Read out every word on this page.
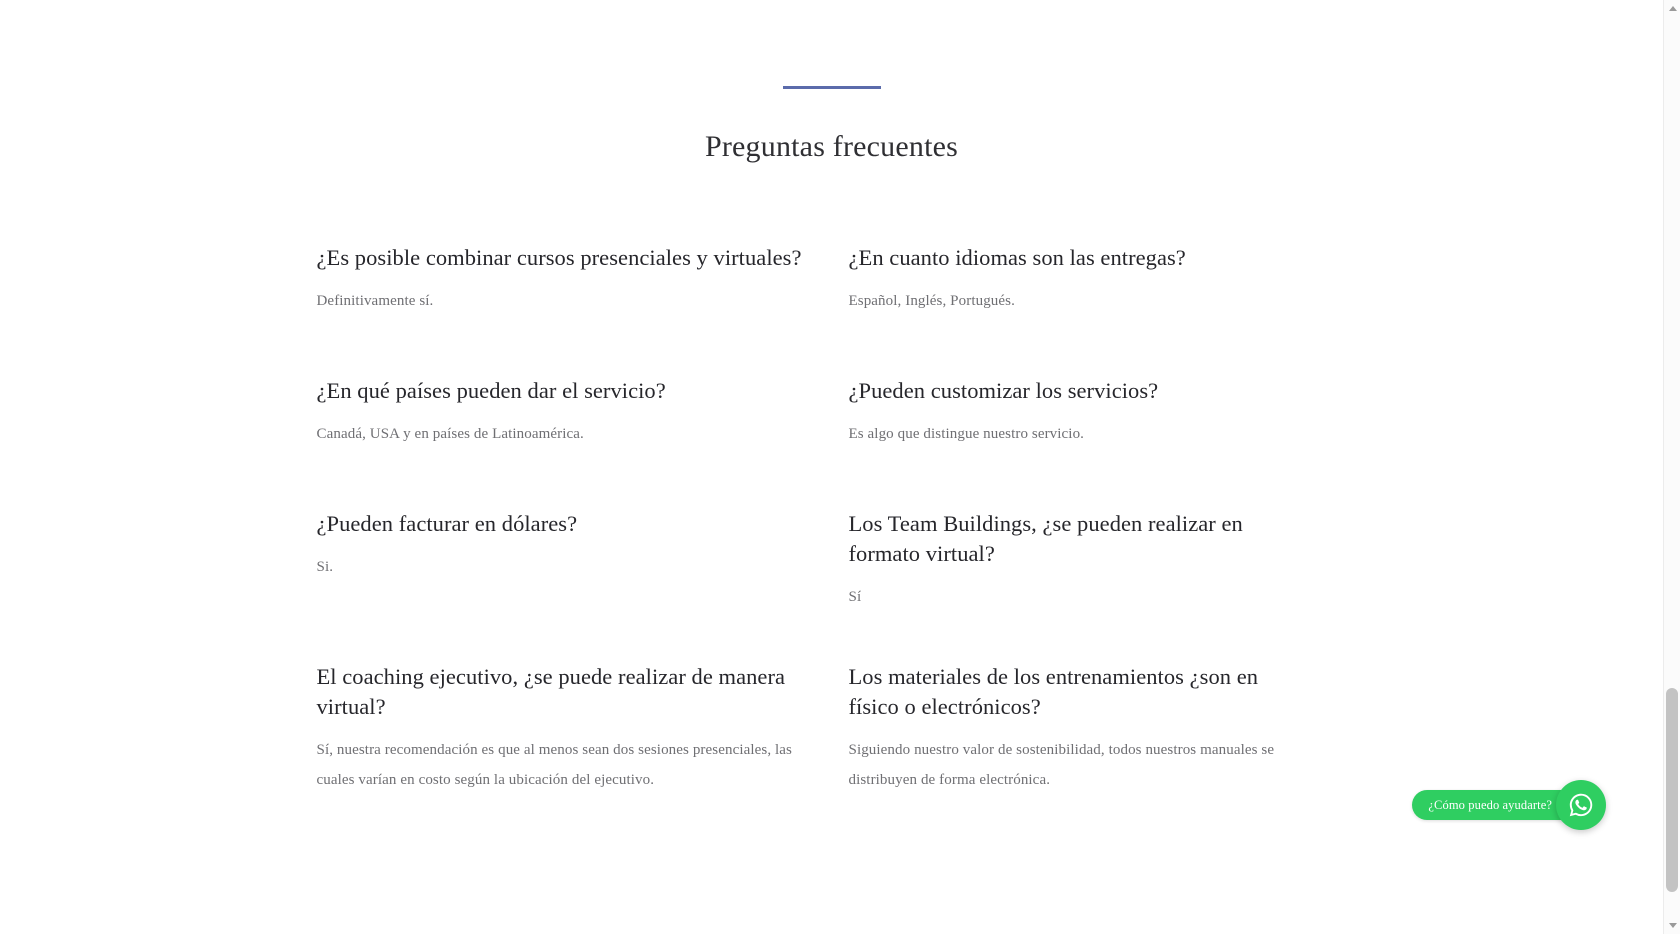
Preguntas frecuentes

¿Es posible combinar cursos presenciales y virtuales?

Definitivamente sí.

¿En cuanto idiomas son las entregas?

Español, Inglés, Portugués.

¿En qué países pueden dar el servicio?

Canadá, USA y en países de Latinoamérica.

¿Pueden customizar los servicios?

Es algo que distingue nuestro servicio.

¿Pueden facturar en dólares?

Si.

Los Team Buildings, ¿se pueden realizar en formato virtual?

Sí

El coaching ejecutivo, ¿se puede realizar de manera virtual?

Sí, nuestra recomendación es que al menos sean dos sesiones presenciales, las cuales varían en costo según la ubicación del ejecutivo.

Los materiales de los entrenamientos ¿son en físico o electrónicos?

Siguiendo nuestro valor de sostenibilidad, todos nuestros manuales se distribuyen de forma electrónica.

¿Cómo puedo ayudarte?
